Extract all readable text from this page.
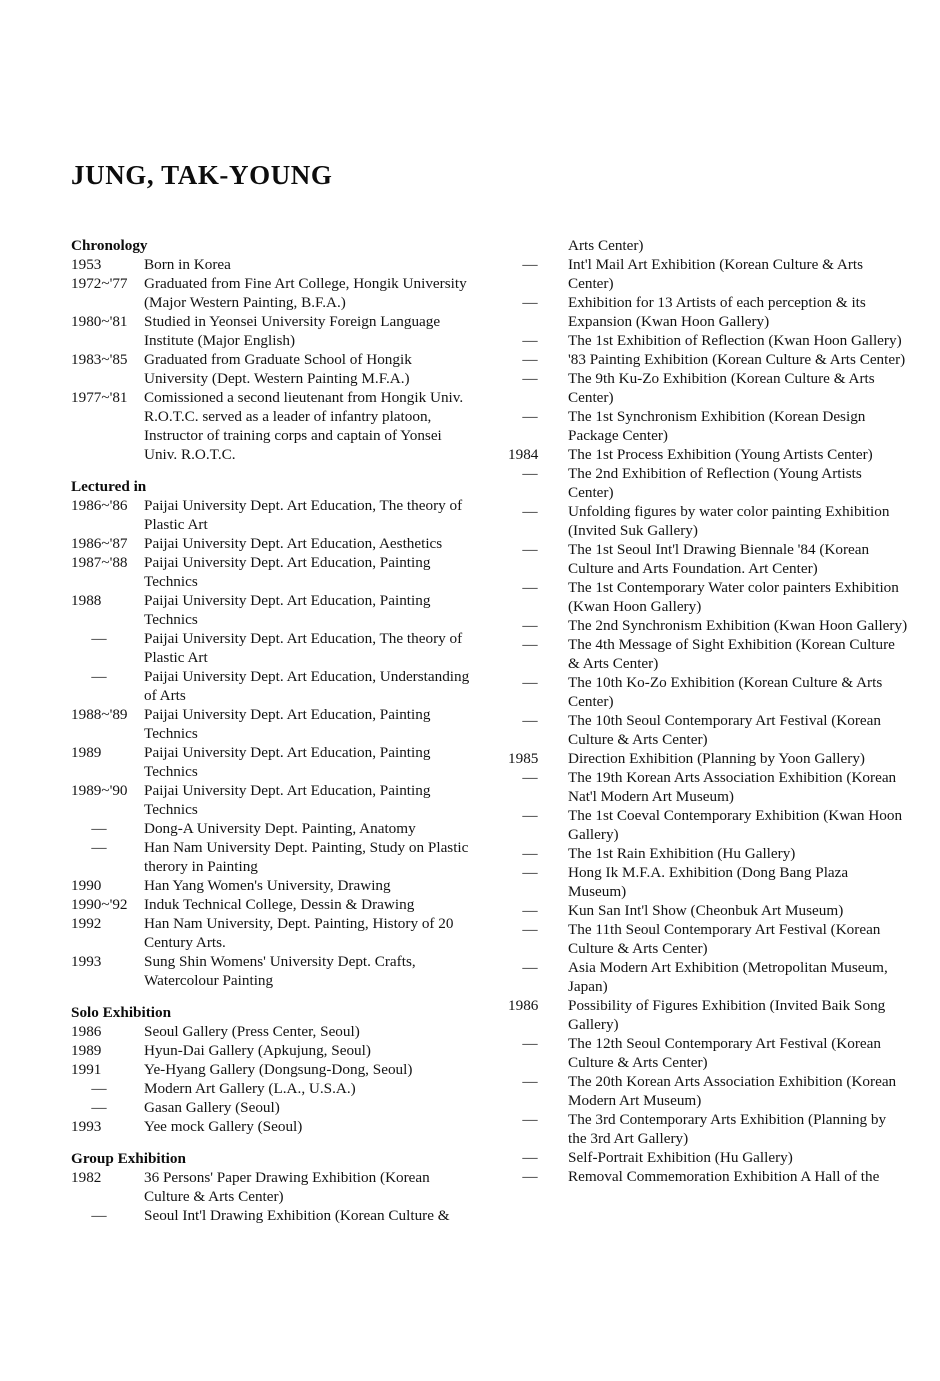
JUNG, TAK-YOUNG
Chronology
1953	Born in Korea
1972~'77	Graduated from Fine Art College, Hongik University (Major Western Painting, B.F.A.)
1980~'81	Studied in Yeonsei University Foreign Language Institute (Major English)
1983~'85	Graduated from Graduate School of Hongik University (Dept. Western Painting M.F.A.)
1977~'81	Comissioned a second lieutenant from Hongik Univ. R.O.T.C. served as a leader of infantry platoon, Instructor of training corps and captain of Yonsei Univ. R.O.T.C.
Lectured in
1986~'86	Paijai University Dept. Art Education, The theory of Plastic Art
1986~'87	Paijai University Dept. Art Education, Aesthetics
1987~'88	Paijai University Dept. Art Education, Painting Technics
1988	Paijai University Dept. Art Education, Painting Technics
—	Paijai University Dept. Art Education, The theory of Plastic Art
—	Paijai University Dept. Art Education, Understanding of Arts
1988~'89	Paijai University Dept. Art Education, Painting Technics
1989	Paijai University Dept. Art Education, Painting Technics
1989~'90	Paijai University Dept. Art Education, Painting Technics
—	Dong-A University Dept. Painting, Anatomy
—	Han Nam University Dept. Painting, Study on Plastic therory in Painting
1990	Han Yang Women's University, Drawing
1990~'92	Induk Technical College, Dessin & Drawing
1992	Han Nam University, Dept. Painting, History of 20 Century Arts.
1993	Sung Shin Womens' University Dept. Crafts, Watercolour Painting
Solo Exhibition
1986	Seoul Gallery (Press Center, Seoul)
1989	Hyun-Dai Gallery (Apkujung, Seoul)
1991	Ye-Hyang Gallery (Dongsung-Dong, Seoul)
—	Modern Art Gallery (L.A., U.S.A.)
—	Gasan Gallery (Seoul)
1993	Yee mock Gallery (Seoul)
Group Exhibition
1982	36 Persons' Paper Drawing Exhibition (Korean Culture & Arts Center)
—	Seoul Int'l Drawing Exhibition (Korean Culture &
Arts Center)
—	Int'l Mail Art Exhibition (Korean Culture & Arts Center)
—	Exhibition for 13 Artists of each perception & its Expansion (Kwan Hoon Gallery)
—	The 1st Exhibition of Reflection (Kwan Hoon Gallery)
—	'83 Painting Exhibition (Korean Culture & Arts Center)
—	The 9th Ku-Zo Exhibition (Korean Culture & Arts Center)
—	The 1st Synchronism Exhibition (Korean Design Package Center)
1984	The 1st Process Exhibition (Young Artists Center)
—	The 2nd Exhibition of Reflection (Young Artists Center)
—	Unfolding figures by water color painting Exhibition (Invited Suk Gallery)
—	The 1st Seoul Int'l Drawing Biennale '84 (Korean Culture and Arts Foundation. Art Center)
—	The 1st Contemporary Water color painters Exhibition (Kwan Hoon Gallery)
—	The 2nd Synchronism Exhibition (Kwan Hoon Gallery)
—	The 4th Message of Sight Exhibition (Korean Culture & Arts Center)
—	The 10th Ko-Zo Exhibition (Korean Culture & Arts Center)
—	The 10th Seoul Contemporary Art Festival (Korean Culture & Arts Center)
1985	Direction Exhibition (Planning by Yoon Gallery)
—	The 19th Korean Arts Association Exhibition (Korean Nat'l Modern Art Museum)
—	The 1st Coeval Contemporary Exhibition (Kwan Hoon Gallery)
—	The 1st Rain Exhibition (Hu Gallery)
—	Hong Ik M.F.A. Exhibition (Dong Bang Plaza Museum)
—	Kun San Int'l Show (Cheonbuk Art Museum)
—	The 11th Seoul Contemporary Art Festival (Korean Culture & Arts Center)
—	Asia Modern Art Exhibition (Metropolitan Museum, Japan)
1986	Possibility of Figures Exhibition (Invited Baik Song Gallery)
—	The 12th Seoul Contemporary Art Festival (Korean Culture & Arts Center)
—	The 20th Korean Arts Association Exhibition (Korean Modern Art Museum)
—	The 3rd Contemporary Arts Exhibition (Planning by the 3rd Art Gallery)
—	Self-Portrait Exhibition (Hu Gallery)
—	Removal Commemoration Exhibition A Hall of the
